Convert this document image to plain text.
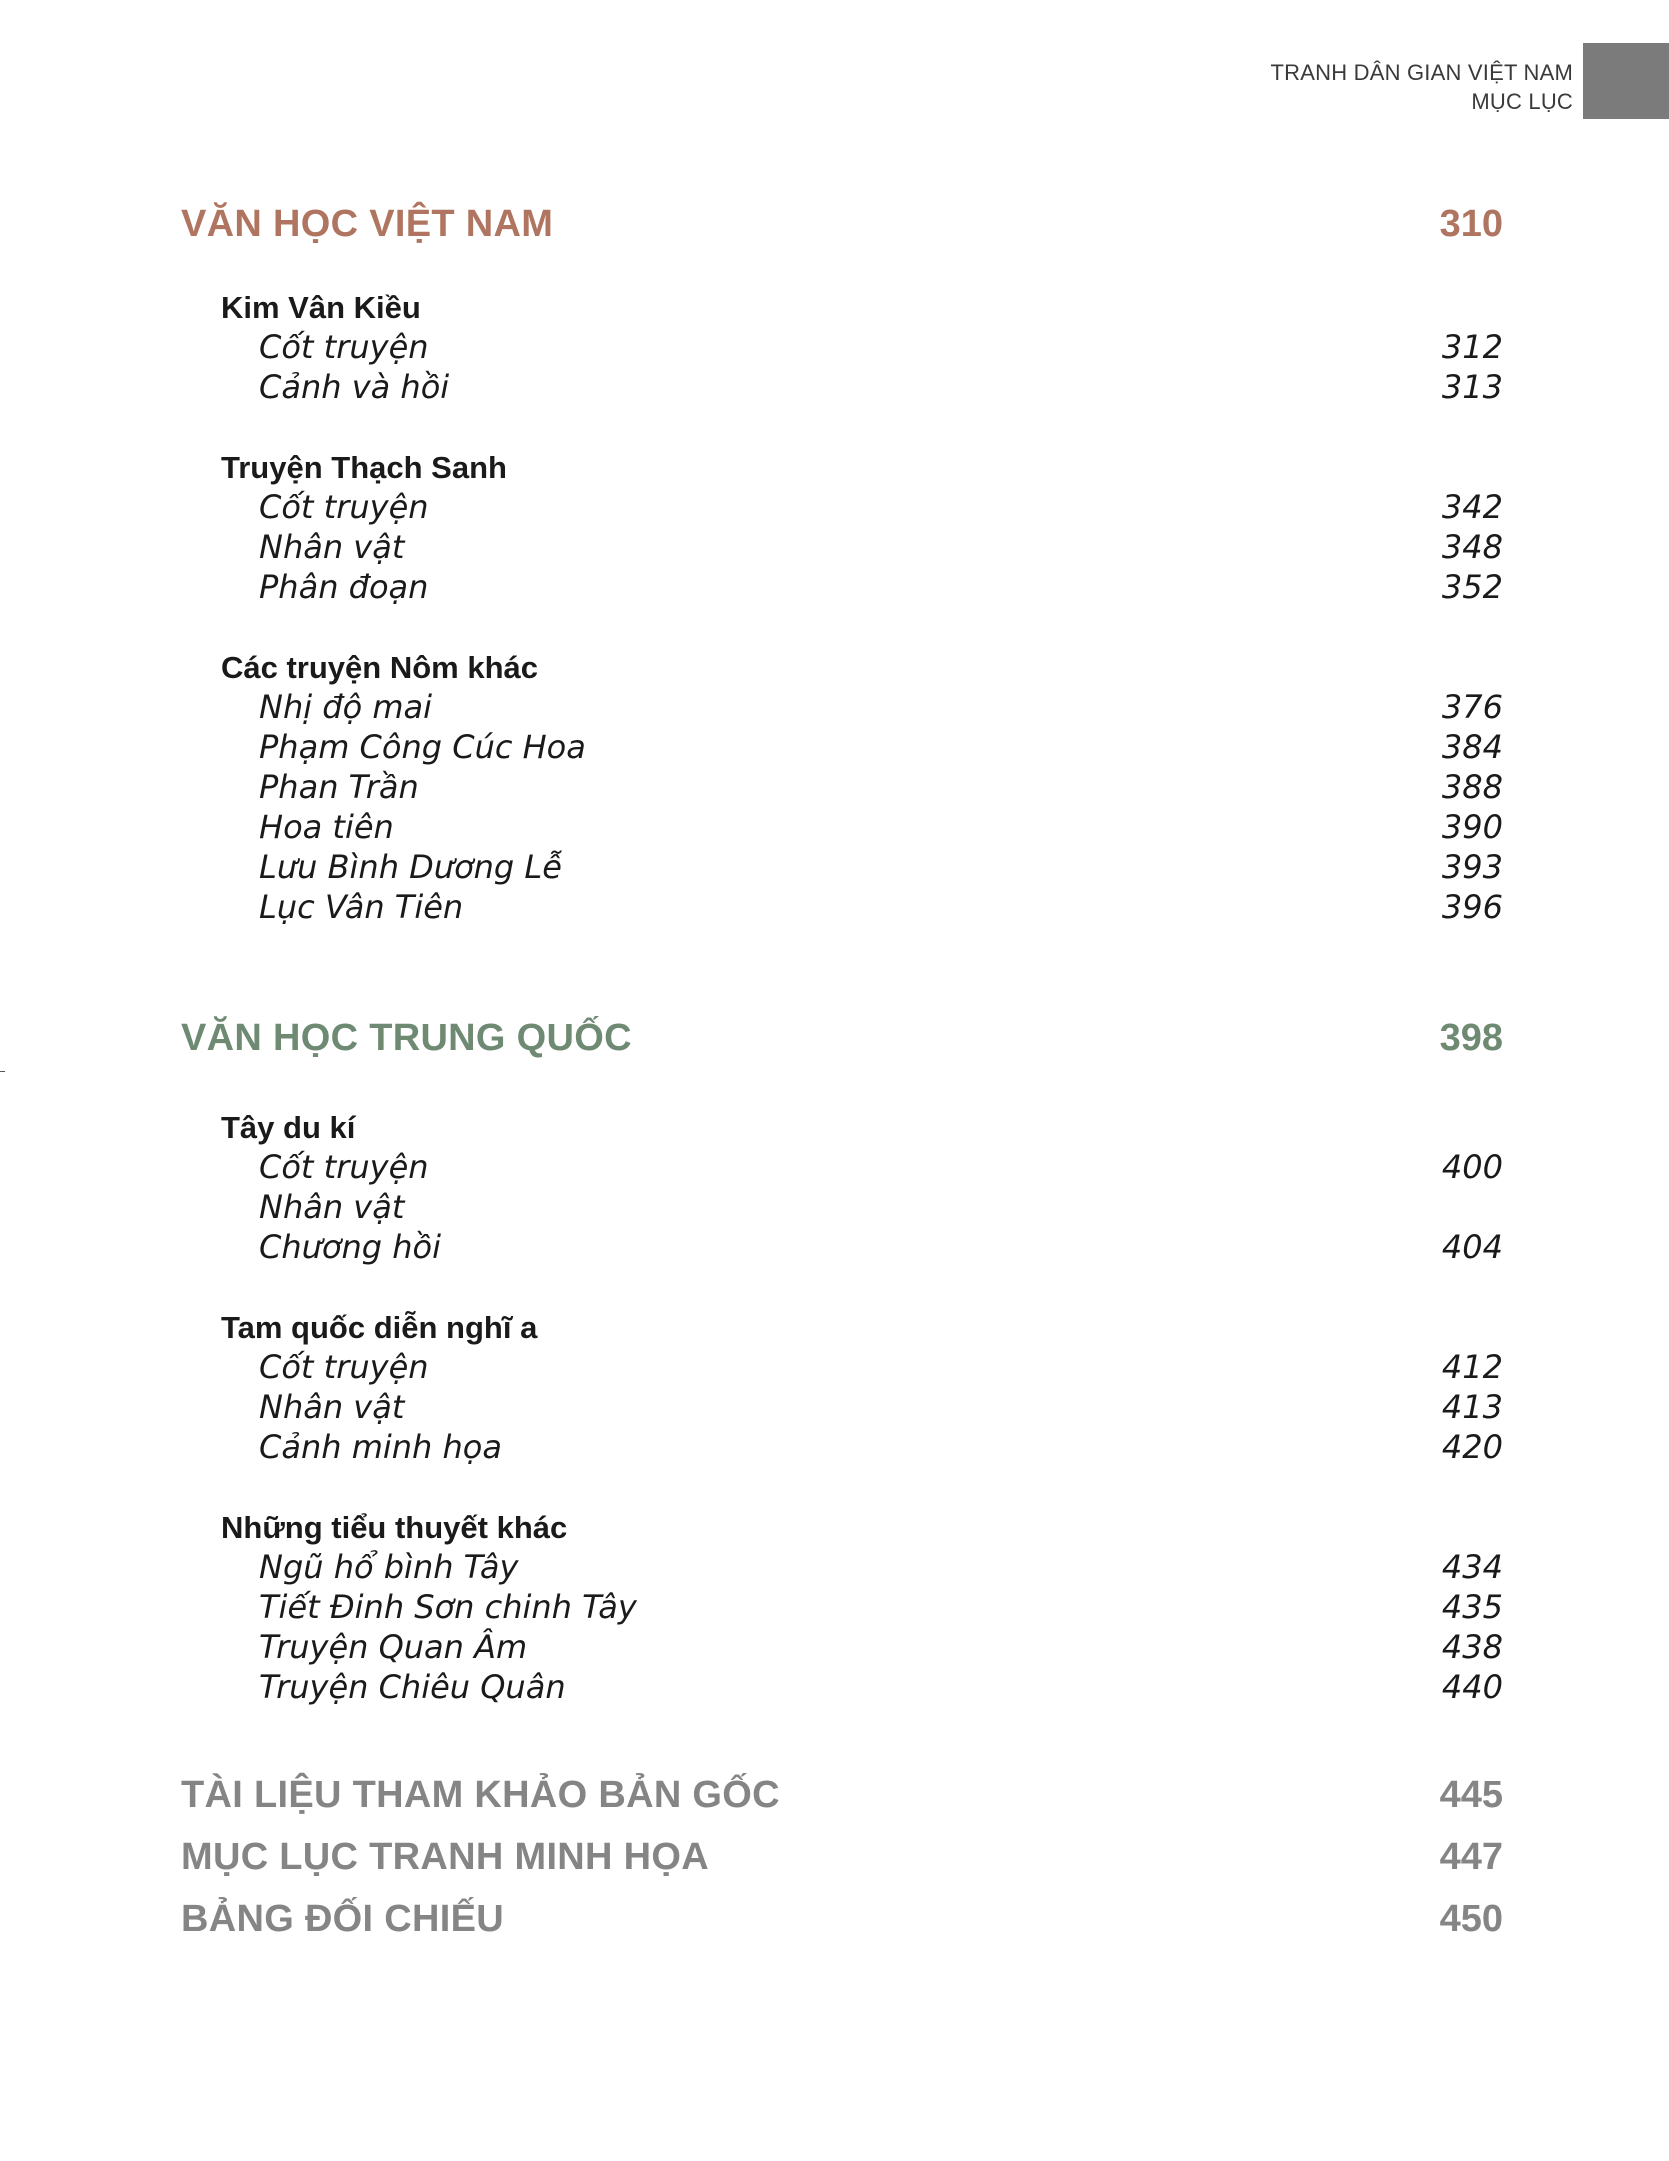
TRANH DÂN GIAN VIỆT NAM
MỤC LỤC
VĂN HỌC VIỆT NAM	310
Kim Vân Kiều
Cốt truyện	312
Cảnh và hồi	313
Truyện Thạch Sanh
Cốt truyện	342
Nhân vật	348
Phân đoạn	352
Các truyện Nôm khác
Nhị độ mai	376
Phạm Công Cúc Hoa	384
Phan Trần	388
Hoa tiên	390
Lưu Bình Dương Lễ	393
Lục Vân Tiên	396
VĂN HỌC TRUNG QUỐC	398
Tây du kí
Cốt truyện	400
Nhân vật
Chương hồi	404
Tam quốc diễn nghĩ a
Cốt truyện	412
Nhân vật	413
Cảnh minh họa	420
Những tiểu thuyết khác
Ngũ hổ bình Tây	434
Tiết Đinh Sơn chinh Tây	435
Truyện Quan Âm	438
Truyện Chiêu Quân	440
TÀI LIỆU THAM KHẢO BẢN GỐC	445
MỤC LỤC TRANH MINH HỌA	447
BẢNG ĐỐI CHIẾU	450
